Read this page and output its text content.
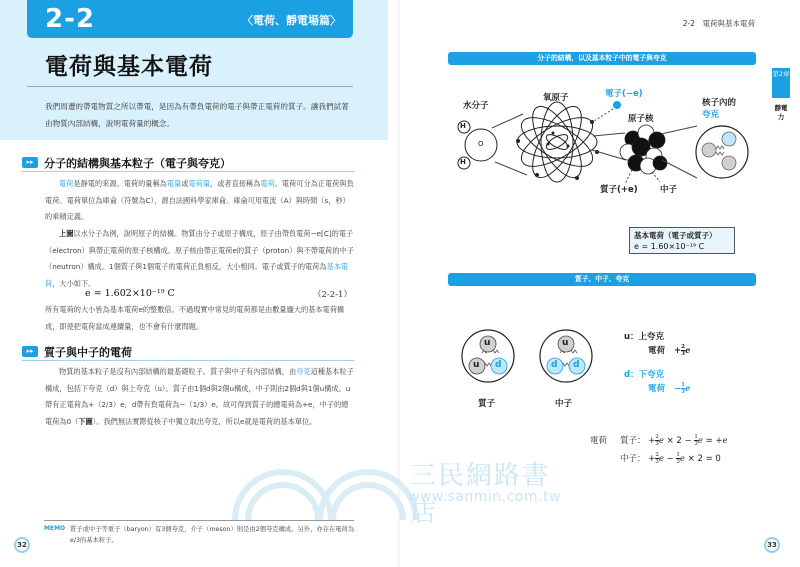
2-2	〈電荷、靜電場篇〉
電荷與基本電荷
我們周遭的帶電物質之所以帶電，是因為有帶負電荷的電子與帶正電荷的質子。讓我們試著由物質內部結構，說明電荷量的概念。
▸▸ 分子的結構與基本粒子（電子與夸克）
電荷是靜電的來源。電荷的量稱為電量或電荷量，或者直接稱為電荷。電荷可分為正電荷與負電荷。電荷單位為庫侖（符號為C），源自法國科學家庫侖。庫侖可用電流（A）與時間（s，秒）的乘積定義。
上圖以水分子為例，說明原子的結構。物質由分子或原子構成，原子由帶負電荷−e[C]的電子（electron）與帶正電荷的原子核構成。原子核由帶正電荷e的質子（proton）與不帶電荷的中子（neutron）構成。1個質子與1個電子的電荷正負相反，大小相同。電子或質子的電荷為基本電荷，大小如下。
e = 1.602×10⁻¹⁹ C	（2-2-1）
所有電荷的大小皆為基本電荷e的整數倍。不過現實中常見的電荷都是由數量龐大的基本電荷構成，即使把電荷當成連續量，也不會有什麼問題。
▸▸ 質子與中子的電荷
物質的基本粒子是沒有內部結構的最基礎粒子。質子與中子有內部結構，由夸克這種基本粒子構成，包括下夸克（d）與上夸克（u）。質子由1個d與2個u構成，中子則由2個d與1個u構成。u帶有正電荷為+（2/3）e，d帶有負電荷為−（1/3）e。故可得到質子的總電荷為+e，中子的總電荷為0（下圖）。我們無法實際從核子中獨立取出夸克，所以e就是電荷的基本單位。
MEMO 質子或中子等重子（baryon）有3個夸克，介子（meson）則是由2個夸克構成。另外，亦存在電荷為e/3的基本粒子。
32
2-2　電荷與基本電荷
分子的結構，以及基本粒子中的電子與夸克
質子、中子、夸克
第2章
靜電力
水分子
氧原子	電子(−e)
原子核
核子內的
夸克
質子(+e)	中子
H
H
O
基本電荷（電子或質子）
e = 1.60×10⁻¹⁹ C
u
u d
u
d d
質子	中子
u：上夸克
電荷 + $\frac{2}{3}$ e
d：下夸克
電荷 − $\frac{1}{3}$ e
電荷 質子： + $\frac{2}{3}$ $e \times 2 - \frac{1}{3}$ e = +e
中子： + $\frac{2}{3}$ $e - \frac{1}{3}$ e × 2 = 0
三民網路書店
www.sanmin.com.tw
33
